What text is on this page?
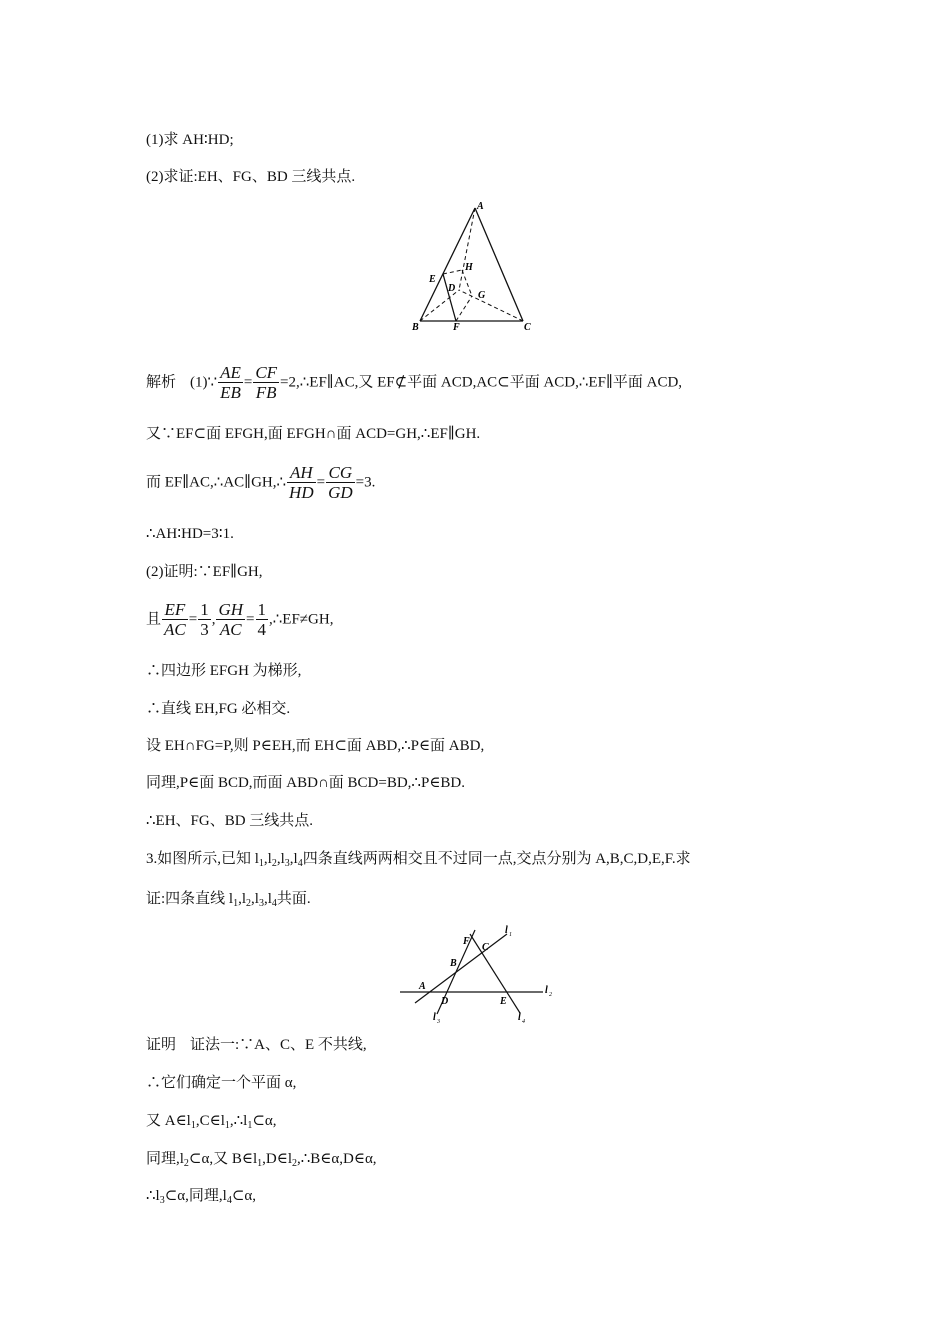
(1)求 AH∶HD;
(2)求证:EH、FG、BD 三线共点.
A
H
E
D
G
B	F	C
解析 (1)∵ $\frac{AE}{EB} = \frac{CF}{FB}$ =2,∴EF∥AC,又 EF⊄平面 ACD,AC⊂平面 ACD,∴EF∥平面 ACD,
又∵EF⊂面 EFGH,面 EFGH∩面 ACD=GH,∴EF∥GH.
而 EF∥AC,∴AC∥GH,∴ $\frac{AH}{HD} = \frac{CG}{GD} =3$.
∴AH∶HD=3∶1.
(2)证明:∵EF∥GH,
且 $\frac{EF}{AC} = \frac{1}{3}$ , $\frac{GH}{AC} = \frac{1}{4}$ ,∴EF≠GH,
∴四边形 EFGH 为梯形,
∴直线 EH,FG 必相交.
设 EH∩FG=P,则 P∈EH,而 EH⊂面 ABD,∴P∈面 ABD,
同理,P∈面 BCD,而面 ABD∩面 BCD=BD,∴P∈BD.
∴EH、FG、BD 三线共点.
3.如图所示,已知 $l_1,l_2,l_3,l_4$四条直线两两相交且不过同一点,交点分别为 A,B,C,D,E,F.求
证:四条直线 $l_1,l_2,l_3,l_4$共面.
F
C
l 1
B
A
D	E
l 2
l 3	l 4
证明 证法一:∵A、C、E 不共线,
∴它们确定一个平面 α,
又 $A\in l_1,C\in l_1,\therefore l_1\subset\alpha$,
同理$,l_2\subset\alpha$,又 $B\in l_1,D\in l_2,\therefore B\in\alpha,D\in\alpha$,
$\therefore l_3\subset\alpha$,同理$,l_4\subset\alpha$,
